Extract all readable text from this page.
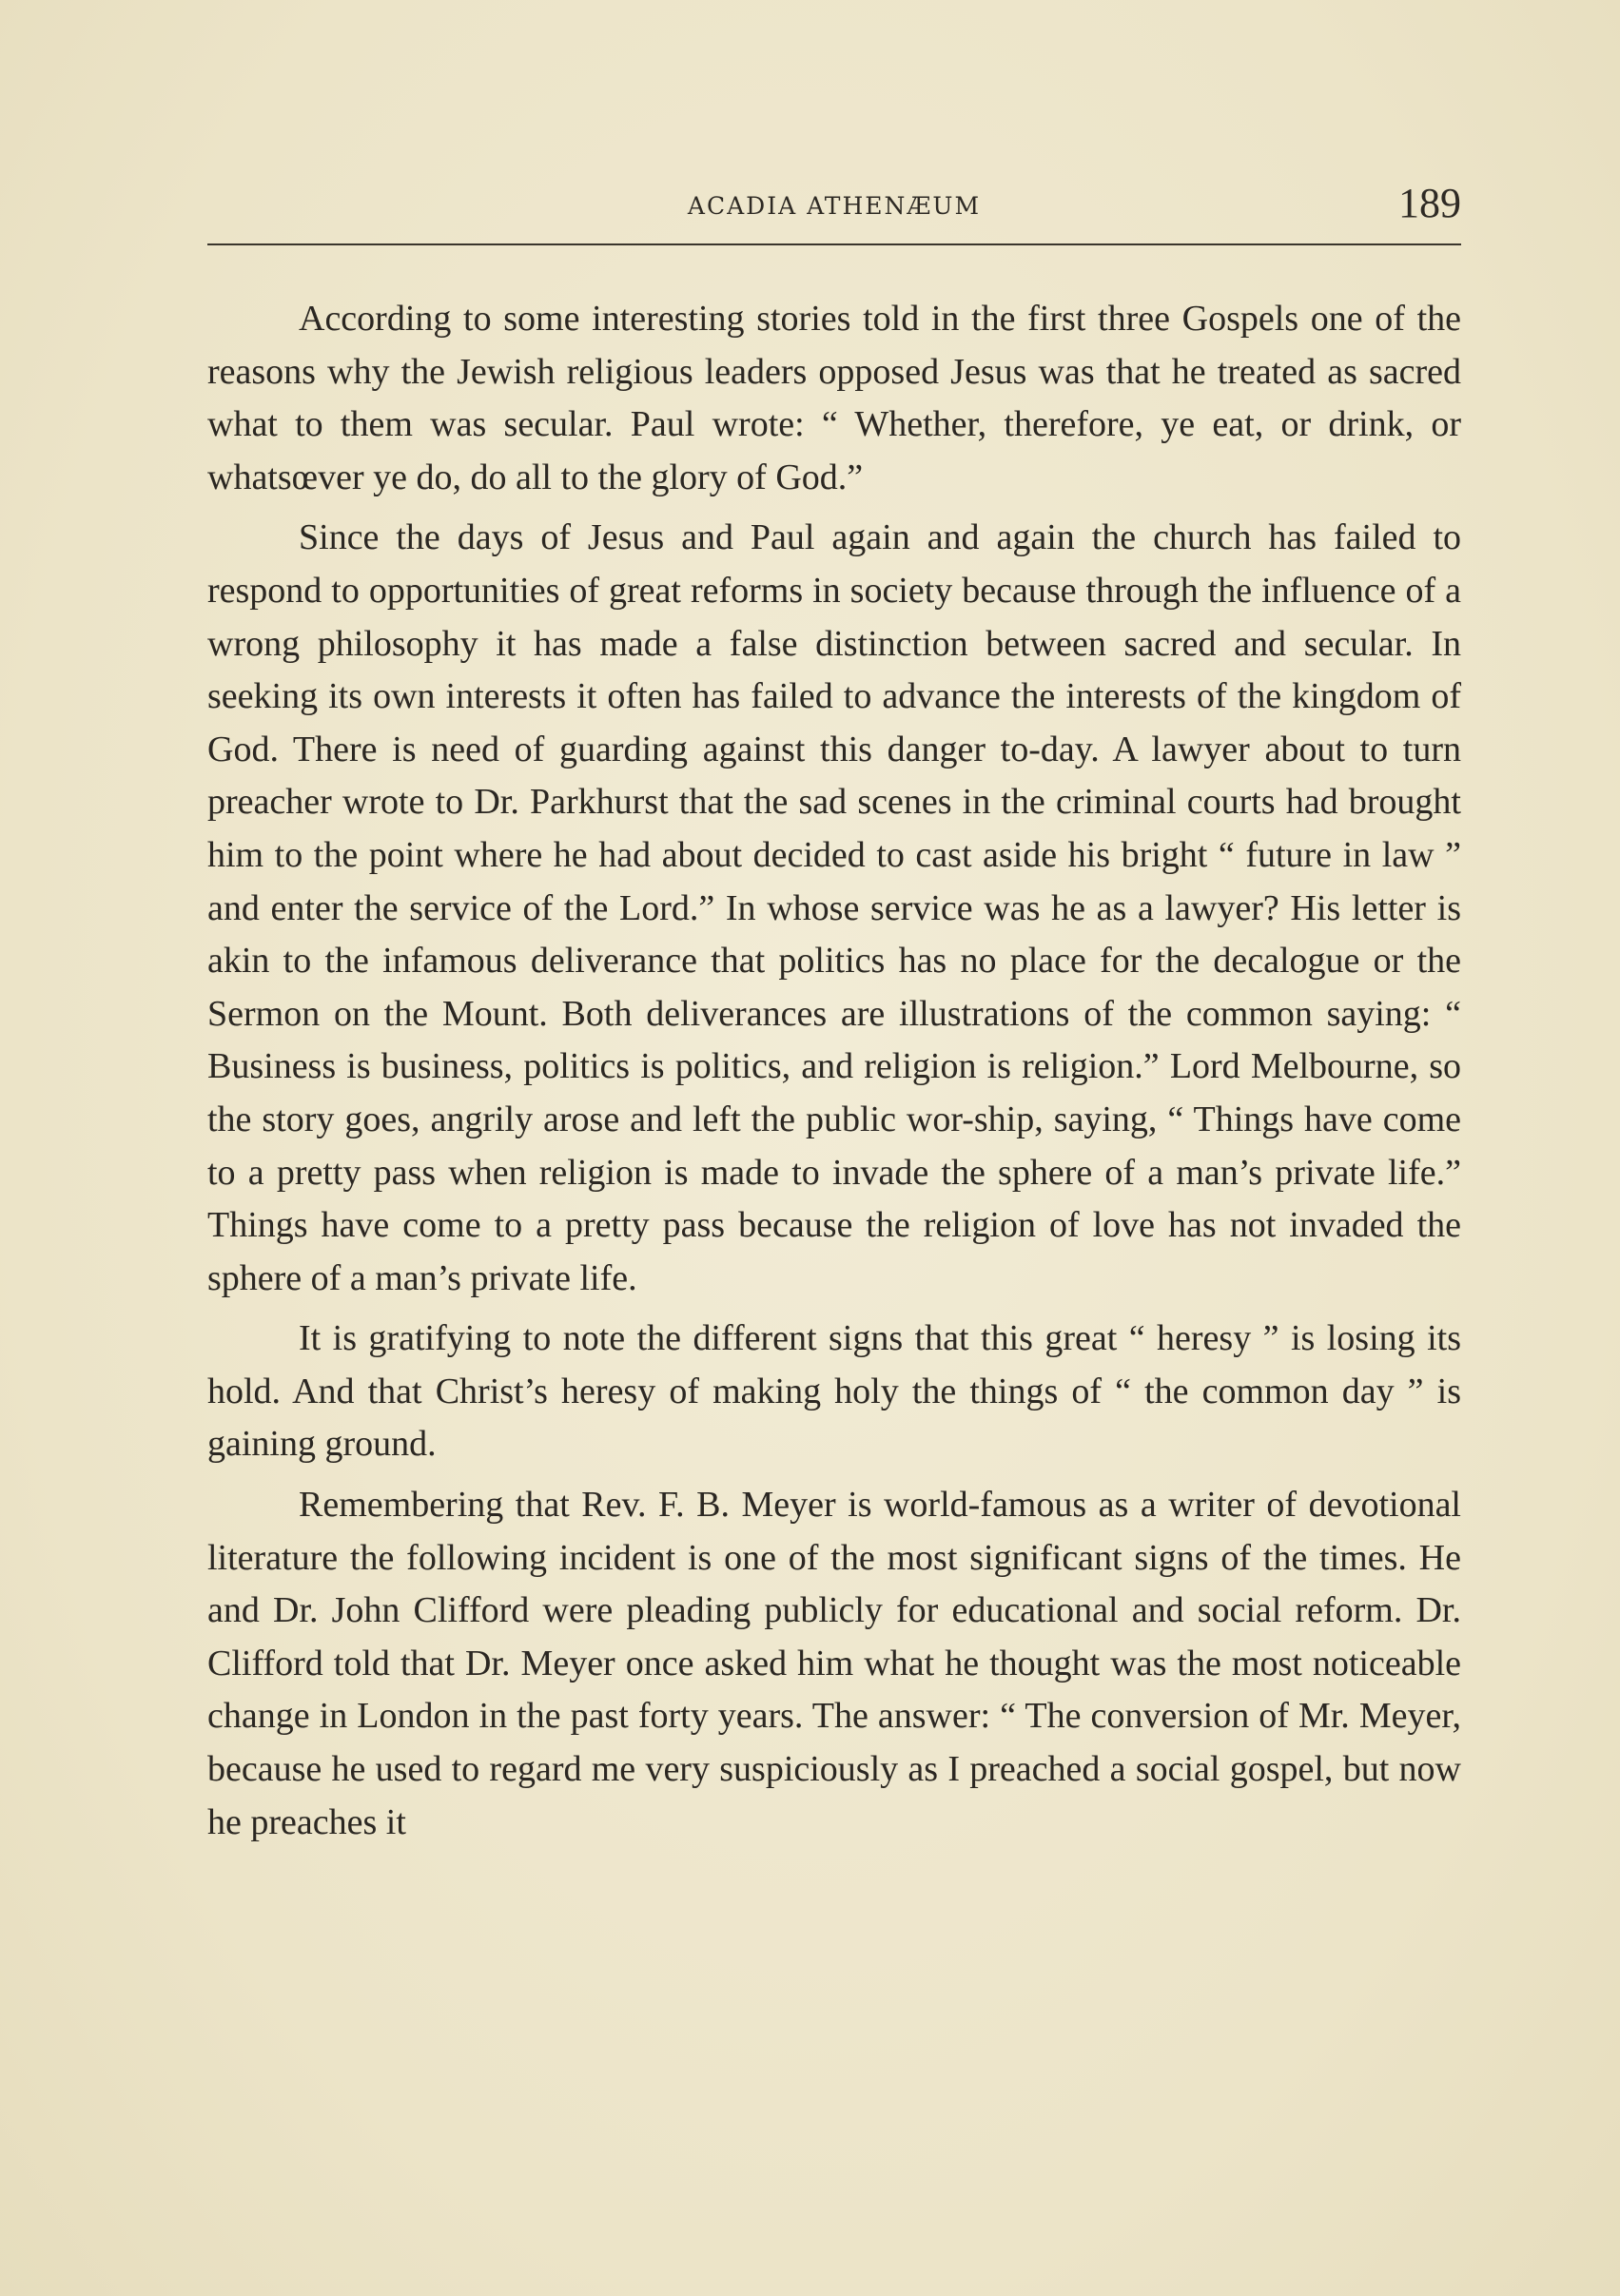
ACADIA ATHENÆUM	189

According to some interesting stories told in the first three Gospels one of the reasons why the Jewish religious leaders opposed Jesus was that he treated as sacred what to them was secular. Paul wrote: “ Whether, therefore, ye eat, or drink, or whatsœver ye do, do all to the glory of God.”

Since the days of Jesus and Paul again and again the church has failed to respond to opportunities of great reforms in society because through the influence of a wrong philosophy it has made a false distinction between sacred and secular. In seeking its own interests it often has failed to advance the interests of the kingdom of God. There is need of guarding against this danger to-day. A lawyer about to turn preacher wrote to Dr. Parkhurst that the sad scenes in the criminal courts had brought him to the point where he had about decided to cast aside his bright “ future in law ” and enter the service of the Lord.” In whose service was he as a lawyer? His letter is akin to the infamous deliverance that politics has no place for the decalogue or the Sermon on the Mount. Both deliverances are illustrations of the common saying: “ Business is business, politics is politics, and religion is religion.” Lord Melbourne, so the story goes, angrily arose and left the public wor-ship, saying, “ Things have come to a pretty pass when religion is made to invade the sphere of a man’s private life.” Things have come to a pretty pass because the religion of love has not invaded the sphere of a man’s private life.

It is gratifying to note the different signs that this great “ heresy ” is losing its hold. And that Christ’s heresy of making holy the things of “ the common day ” is gaining ground.

Remembering that Rev. F. B. Meyer is world-famous as a writer of devotional literature the following incident is one of the most significant signs of the times. He and Dr. John Clifford were pleading publicly for educational and social reform. Dr. Clifford told that Dr. Meyer once asked him what he thought was the most noticeable change in London in the past forty years. The answer: “ The conversion of Mr. Meyer, because he used to regard me very suspiciously as I preached a social gospel, but now he preaches it
